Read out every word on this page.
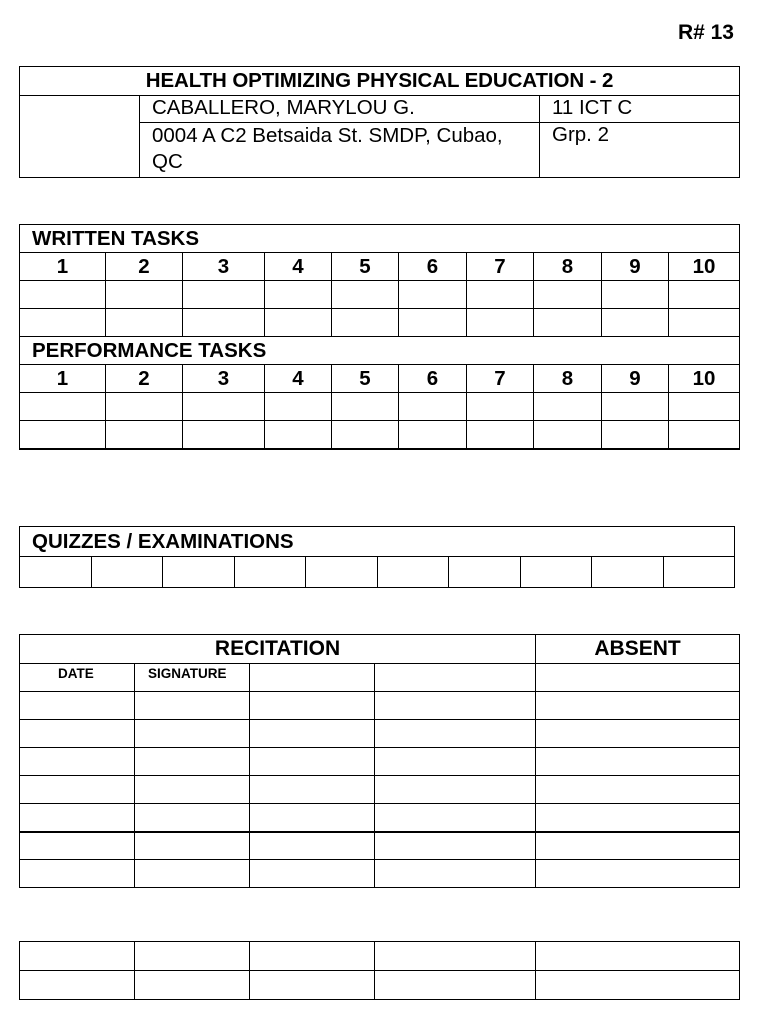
R# 13
HEALTH OPTIMIZING PHYSICAL EDUCATION - 2		
	CABALLERO, MARYLOU G.	11 ICT C
	0004 A C2 Betsaida St. SMDP, Cubao, QC	Grp. 2
WRITTEN TASKS									
1	2	3	4	5	6	7	8	9	10

PERFORMANCE TASKS									
1	2	3	4	5	6	7	8	9	10

QUIZZES / EXAMINATIONS

RECITATION				ABSENT
DATE	SIGNATURE			
